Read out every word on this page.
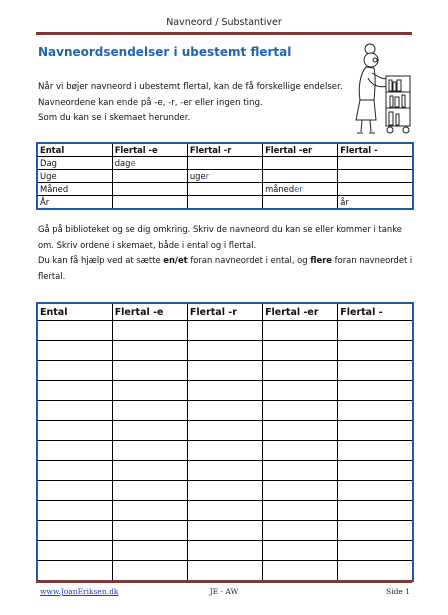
Navneord / Substantiver
Navneordsendelser i ubestemt flertal

Når vi bøjer navneord i ubestemt flertal, kan de få forskellige endelser.

Navneordene kan ende på -e, -r, -er eller ingen ting.

Som du kan se i skemaet herunder.

Ental	Flertal -e	Flertal -r	Flertal -er	Flertal -
Dag	dage			
Uge		uger		
Måned			måneder	
År				år

Gå på biblioteket og se dig omkring. Skriv de navneord du kan se eller kommer i tanke om. Skriv ordene i skemaet, både i ental og i flertal.

Du kan få hjælp ved at sætte en/et foran navneordet i ental, og flere foran navneordet i flertal.

Ental	Flertal -e	Flertal -r	Flertal -er	Flertal -

www.JoanEriksen.dk	JE - AW	Side 1
